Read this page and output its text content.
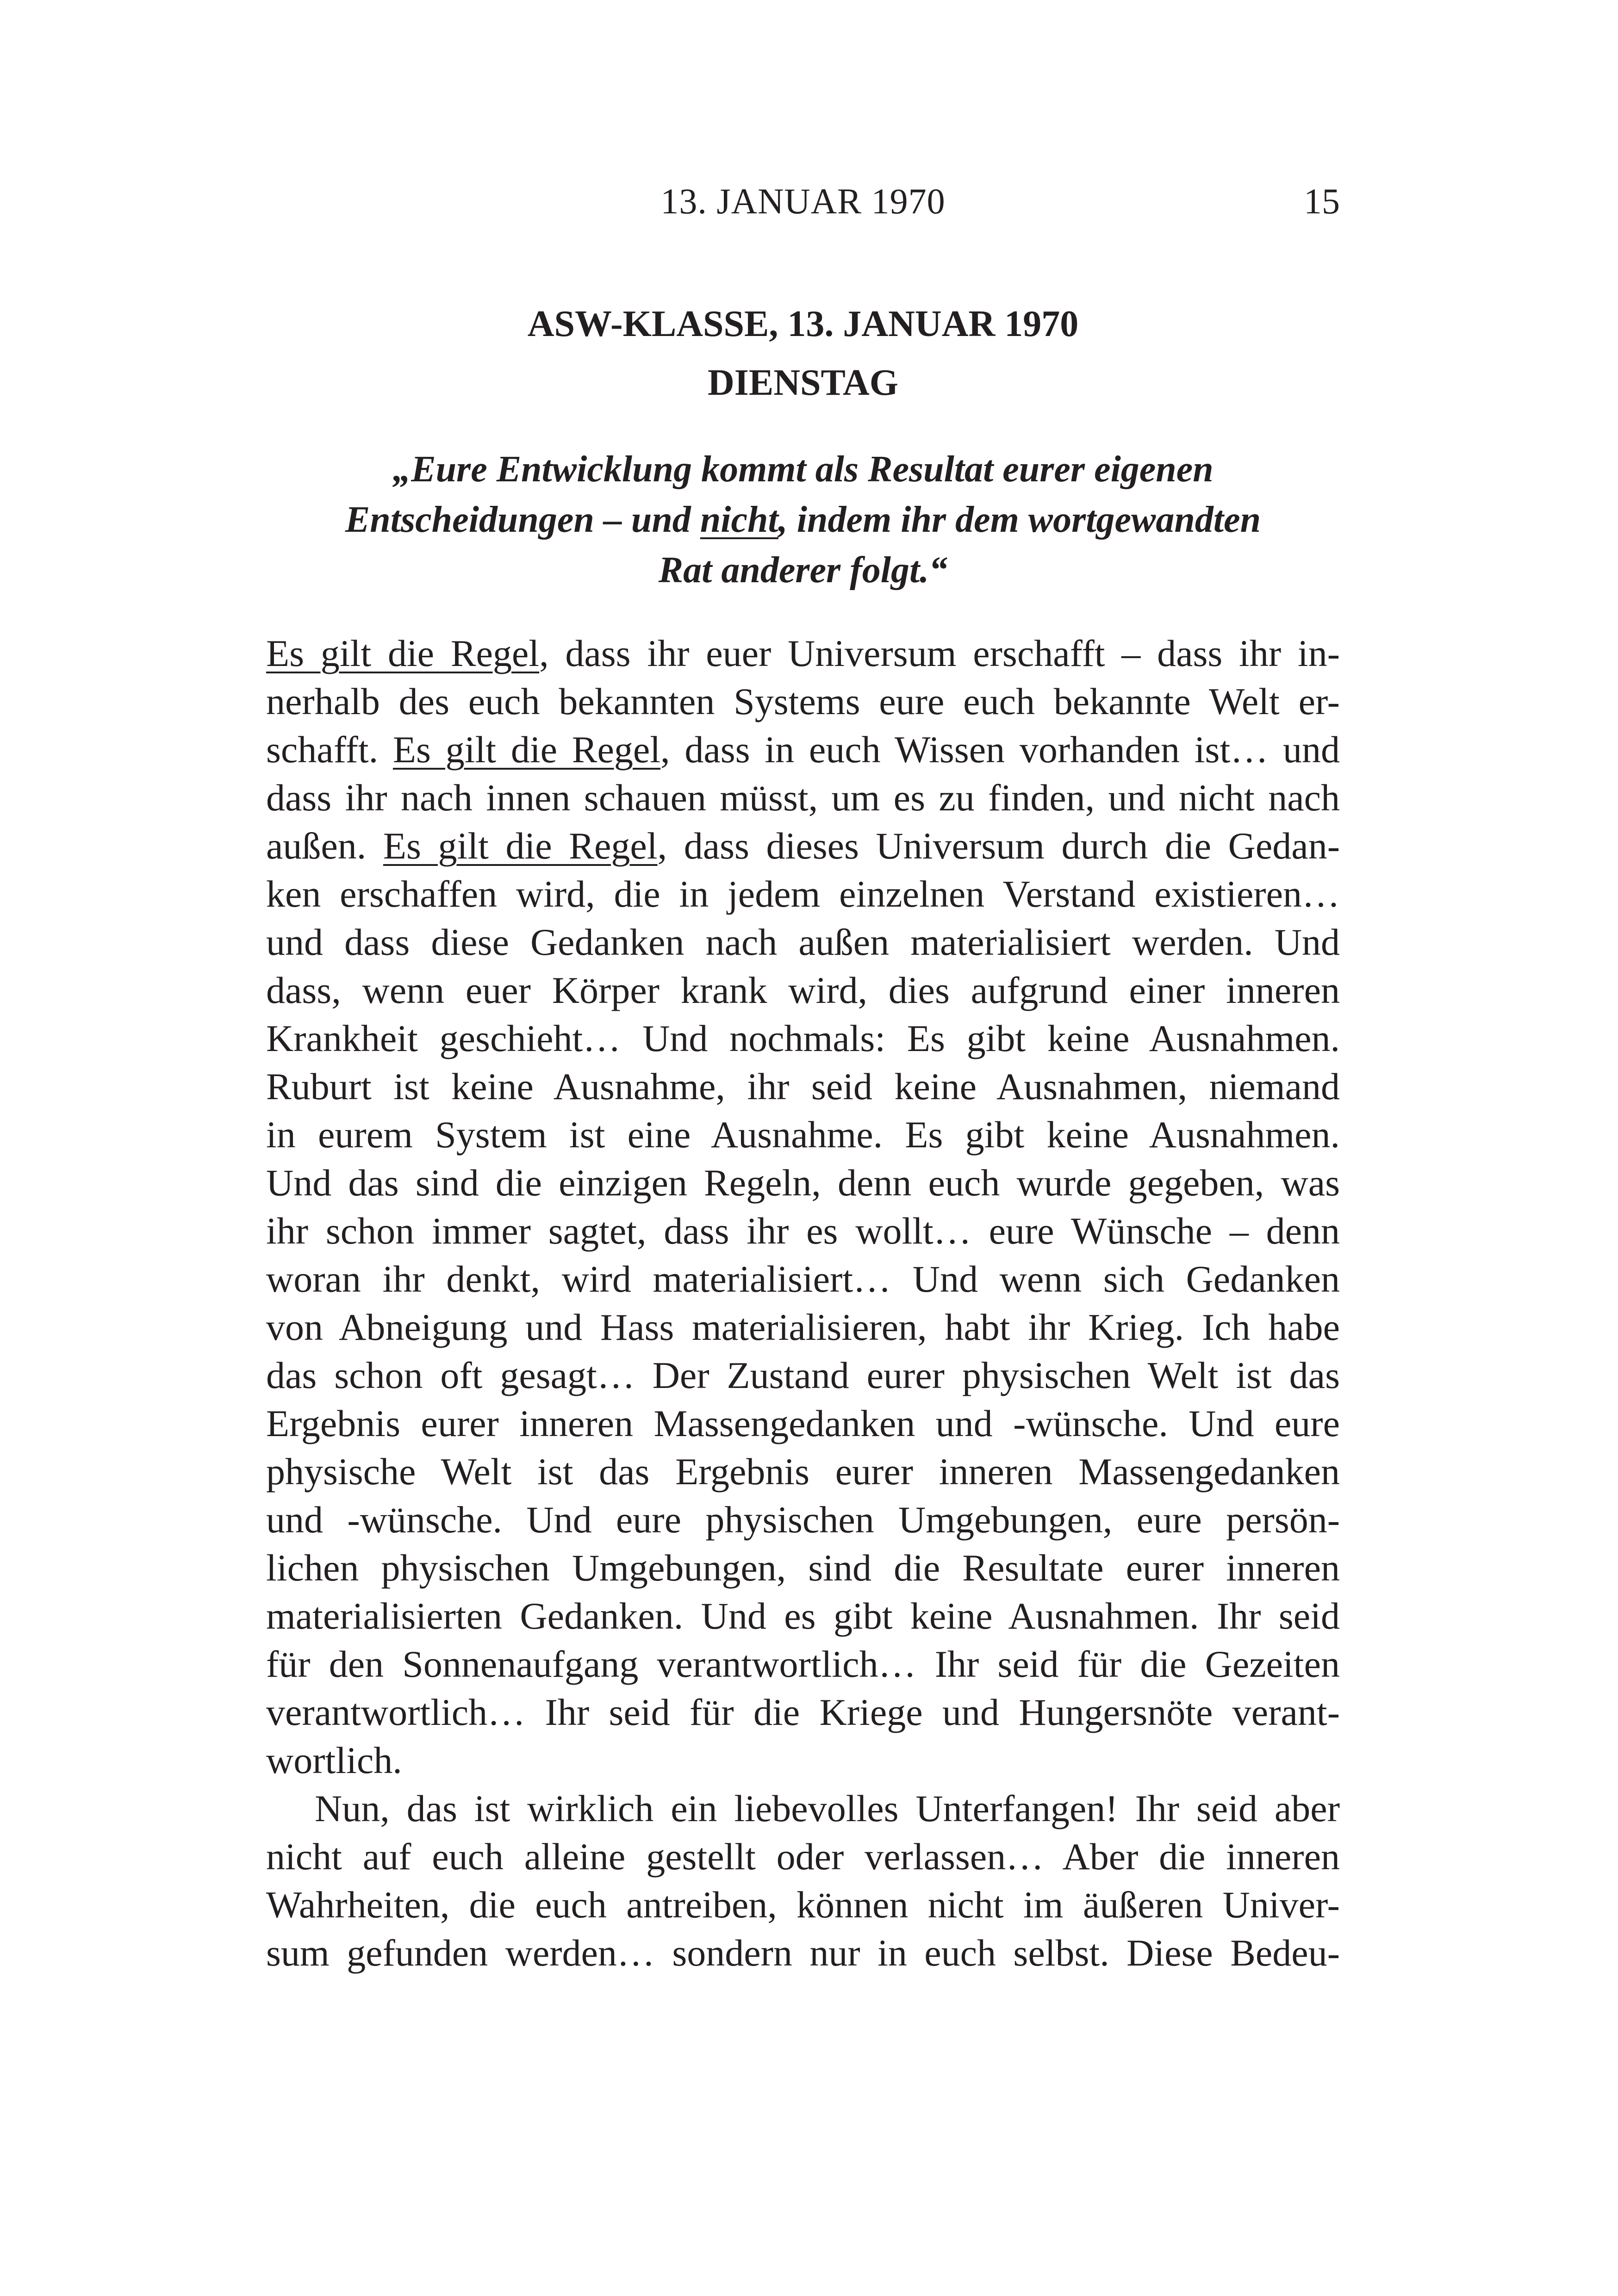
13. JANUAR 1970	15
ASW-KLASSE, 13. JANUAR 1970
DIENSTAG
„Eure Entwicklung kommt als Resultat eurer eigenen
Entscheidungen – und nicht, indem ihr dem wortgewandten
Rat anderer folgt.“
Es gilt die Regel, dass ihr euer Universum erschafft – dass ihr in-
nerhalb des euch bekannten Systems eure euch bekannte Welt er-
schafft. Es gilt die Regel, dass in euch Wissen vorhanden ist… und
dass ihr nach innen schauen müsst, um es zu finden, und nicht nach
außen. Es gilt die Regel, dass dieses Universum durch die Gedan-
ken erschaffen wird, die in jedem einzelnen Verstand existieren…
und dass diese Gedanken nach außen materialisiert werden. Und
dass, wenn euer Körper krank wird, dies aufgrund einer inneren
Krankheit geschieht… Und nochmals: Es gibt keine Ausnahmen.
Ruburt ist keine Ausnahme, ihr seid keine Ausnahmen, niemand
in eurem System ist eine Ausnahme. Es gibt keine Ausnahmen.
Und das sind die einzigen Regeln, denn euch wurde gegeben, was
ihr schon immer sagtet, dass ihr es wollt… eure Wünsche – denn
woran ihr denkt, wird materialisiert… Und wenn sich Gedanken
von Abneigung und Hass materialisieren, habt ihr Krieg. Ich habe
das schon oft gesagt… Der Zustand eurer physischen Welt ist das
Ergebnis eurer inneren Massengedanken und -wünsche. Und eure
physische Welt ist das Ergebnis eurer inneren Massengedanken
und -wünsche. Und eure physischen Umgebungen, eure persön-
lichen physischen Umgebungen, sind die Resultate eurer inneren
materialisierten Gedanken. Und es gibt keine Ausnahmen. Ihr seid
für den Sonnenaufgang verantwortlich… Ihr seid für die Gezeiten
verantwortlich… Ihr seid für die Kriege und Hungersnöte verant-
wortlich.
Nun, das ist wirklich ein liebevolles Unterfangen! Ihr seid aber
nicht auf euch alleine gestellt oder verlassen… Aber die inneren
Wahrheiten, die euch antreiben, können nicht im äußeren Univer-
sum gefunden werden… sondern nur in euch selbst. Diese Bedeu-
